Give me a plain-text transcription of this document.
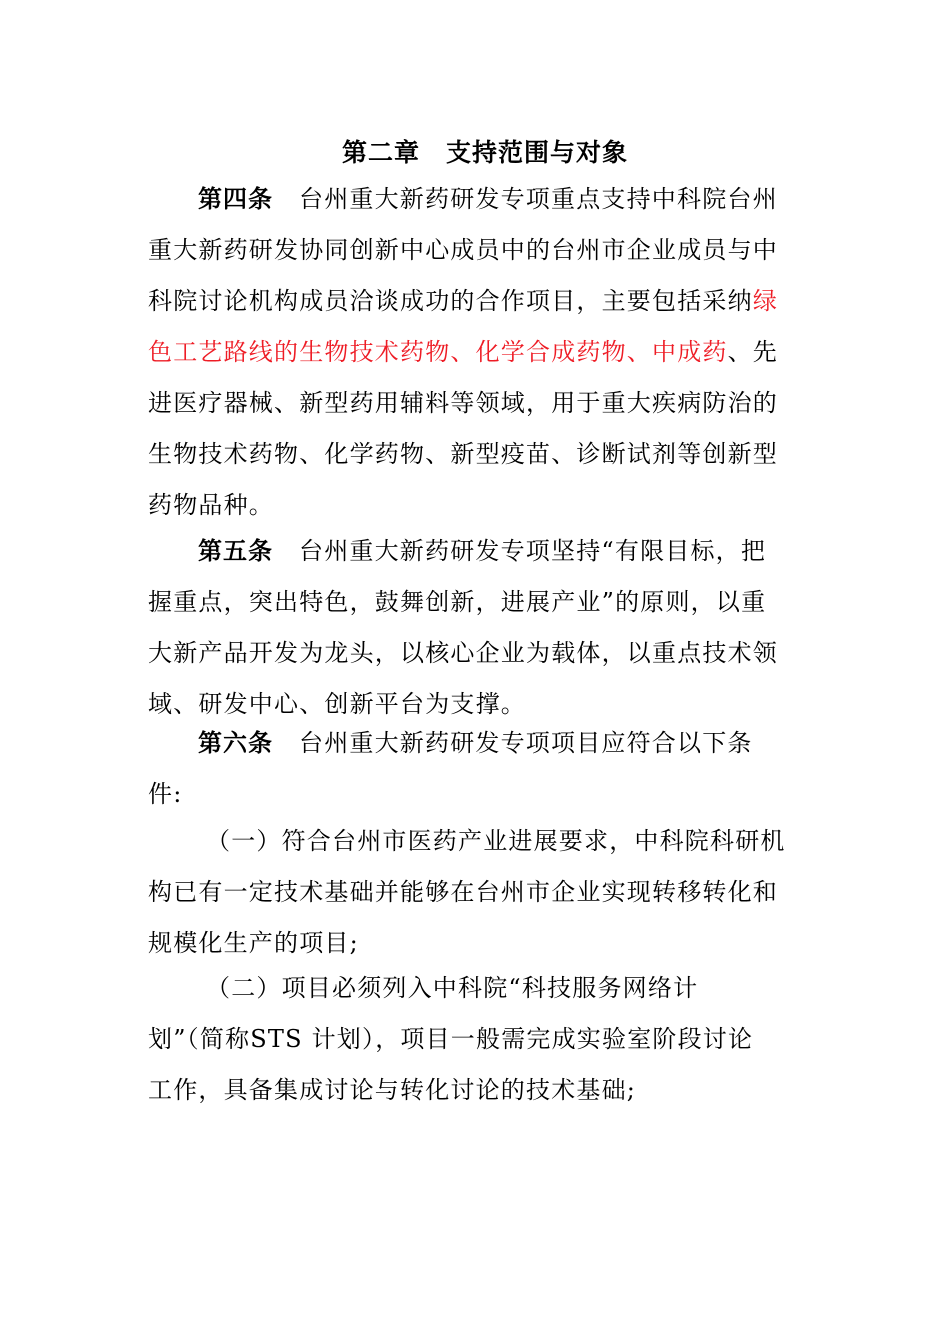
第二章　支持范围与对象
第四条 台州重大新药研发专项重点支持中科院台州
重大新药研发协同创新中心成员中的台州市企业成员与中
科院讨论机构成员洽谈成功的合作项目，主要包括采纳绿
色工艺路线的生物技术药物、化学合成药物、中成药、先
进医疗器械、新型药用辅料等领域，用于重大疾病防治的
生物技术药物、化学药物、新型疫苗、诊断试剂等创新型
药物品种。
第五条 台州重大新药研发专项坚持“有限目标，把
握重点，突出特色，鼓舞创新，进展产业”的原则，以重
大新产品开发为龙头，以核心企业为载体，以重点技术领
域、研发中心、创新平台为支撑。
第六条 台州重大新药研发专项项目应符合以下条
件:
（一）符合台州市医药产业进展要求，中科院科研机
构已有一定技术基础并能够在台州市企业实现转移转化和
规模化生产的项目;
（二）项目必须列入中科院“科技服务网络计
划”（简称STS 计划），项目一般需完成实验室阶段讨论
工作，具备集成讨论与转化讨论的技术基础;
